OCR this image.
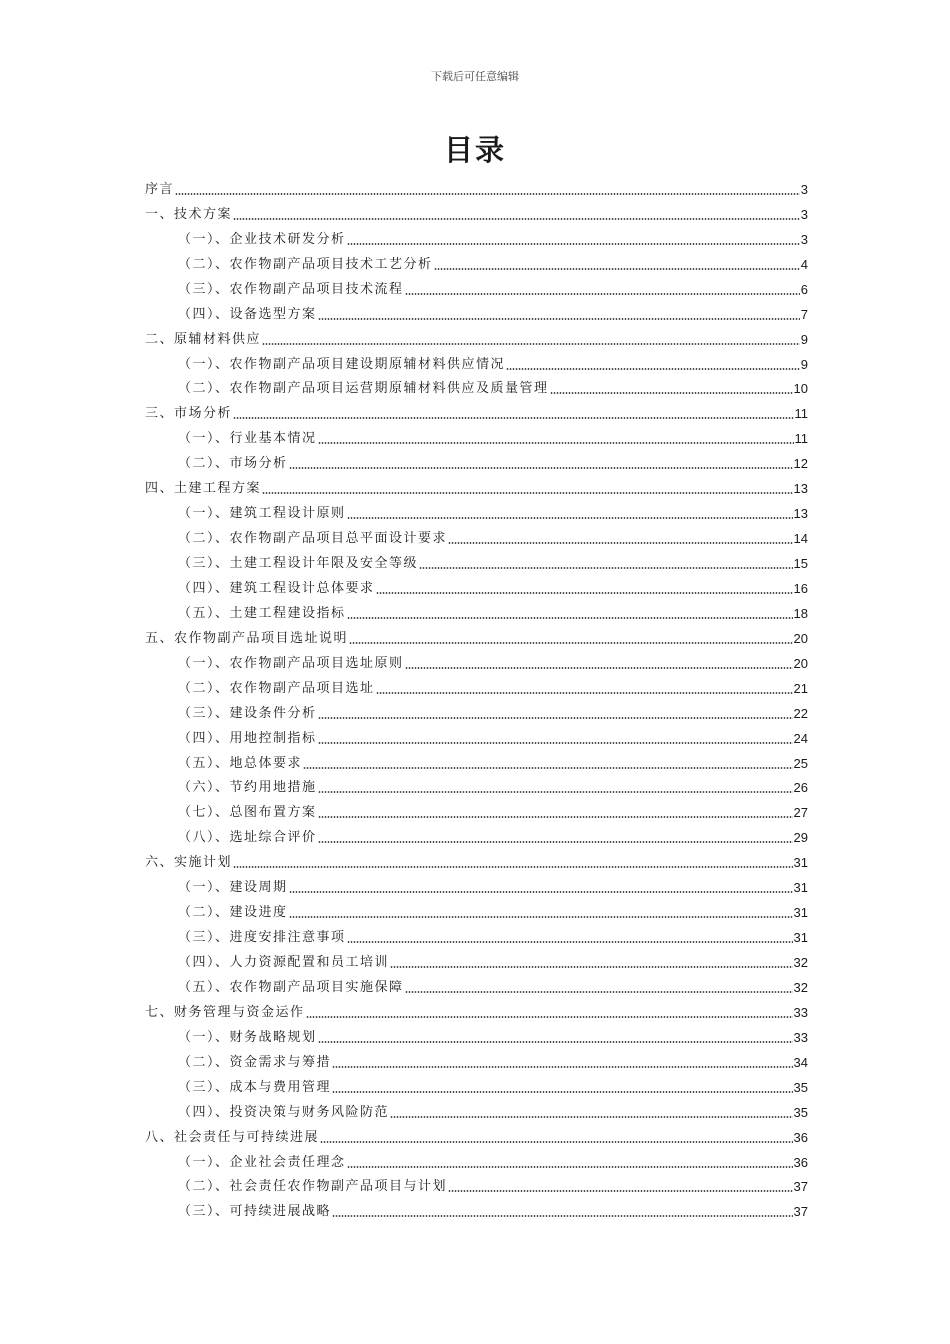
下载后可任意编辑
目录
序言	3
一、技术方案	3
（一）、企业技术研发分析	3
（二）、农作物副产品项目技术工艺分析	4
（三）、农作物副产品项目技术流程	6
（四）、设备选型方案	7
二、原辅材料供应	9
（一）、农作物副产品项目建设期原辅材料供应情况	9
（二）、农作物副产品项目运营期原辅材料供应及质量管理	10
三、市场分析	11
（一）、行业基本情况	11
（二）、市场分析	12
四、土建工程方案	13
（一）、建筑工程设计原则	13
（二）、农作物副产品项目总平面设计要求	14
（三）、土建工程设计年限及安全等级	15
（四）、建筑工程设计总体要求	16
（五）、土建工程建设指标	18
五、农作物副产品项目选址说明	20
（一）、农作物副产品项目选址原则	20
（二）、农作物副产品项目选址	21
（三）、建设条件分析	22
（四）、用地控制指标	24
（五）、地总体要求	25
（六）、节约用地措施	26
（七）、总图布置方案	27
（八）、选址综合评价	29
六、实施计划	31
（一）、建设周期	31
（二）、建设进度	31
（三）、进度安排注意事项	31
（四）、人力资源配置和员工培训	32
（五）、农作物副产品项目实施保障	32
七、财务管理与资金运作	33
（一）、财务战略规划	33
（二）、资金需求与筹措	34
（三）、成本与费用管理	35
（四）、投资决策与财务风险防范	35
八、社会责任与可持续进展	36
（一）、企业社会责任理念	36
（二）、社会责任农作物副产品项目与计划	37
（三）、可持续进展战略	37
